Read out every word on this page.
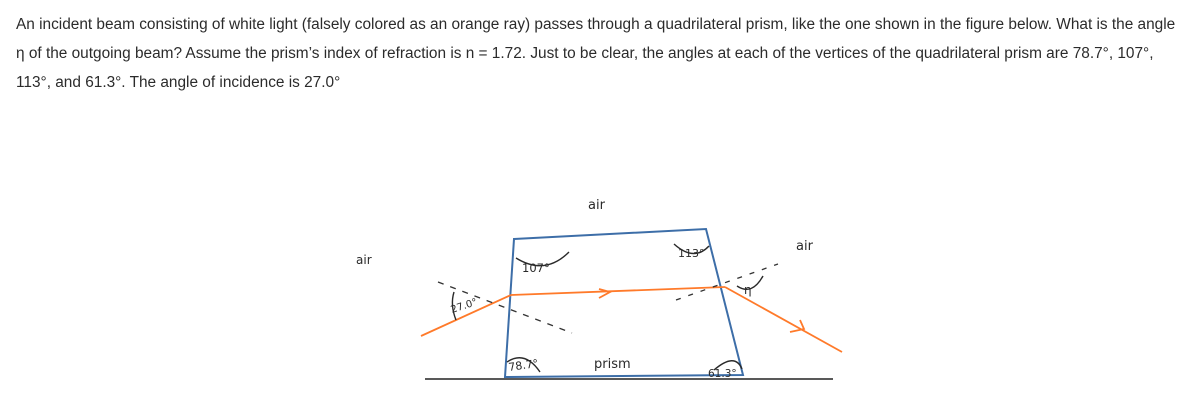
An incident beam consisting of white light (falsely colored as an orange ray) passes through a quadrilateral prism, like the one shown in the figure below. What is the angle η of the outgoing beam? Assume the prism’s index of refraction is n = 1.72. Just to be clear, the angles at each of the vertices of the quadrilateral prism are 78.7°, 107°, 113°, and 61.3°. The angle of incidence is 27.0°

air
air
air
prism
107°
113°
78.7°
61.3°
27.0°
η
